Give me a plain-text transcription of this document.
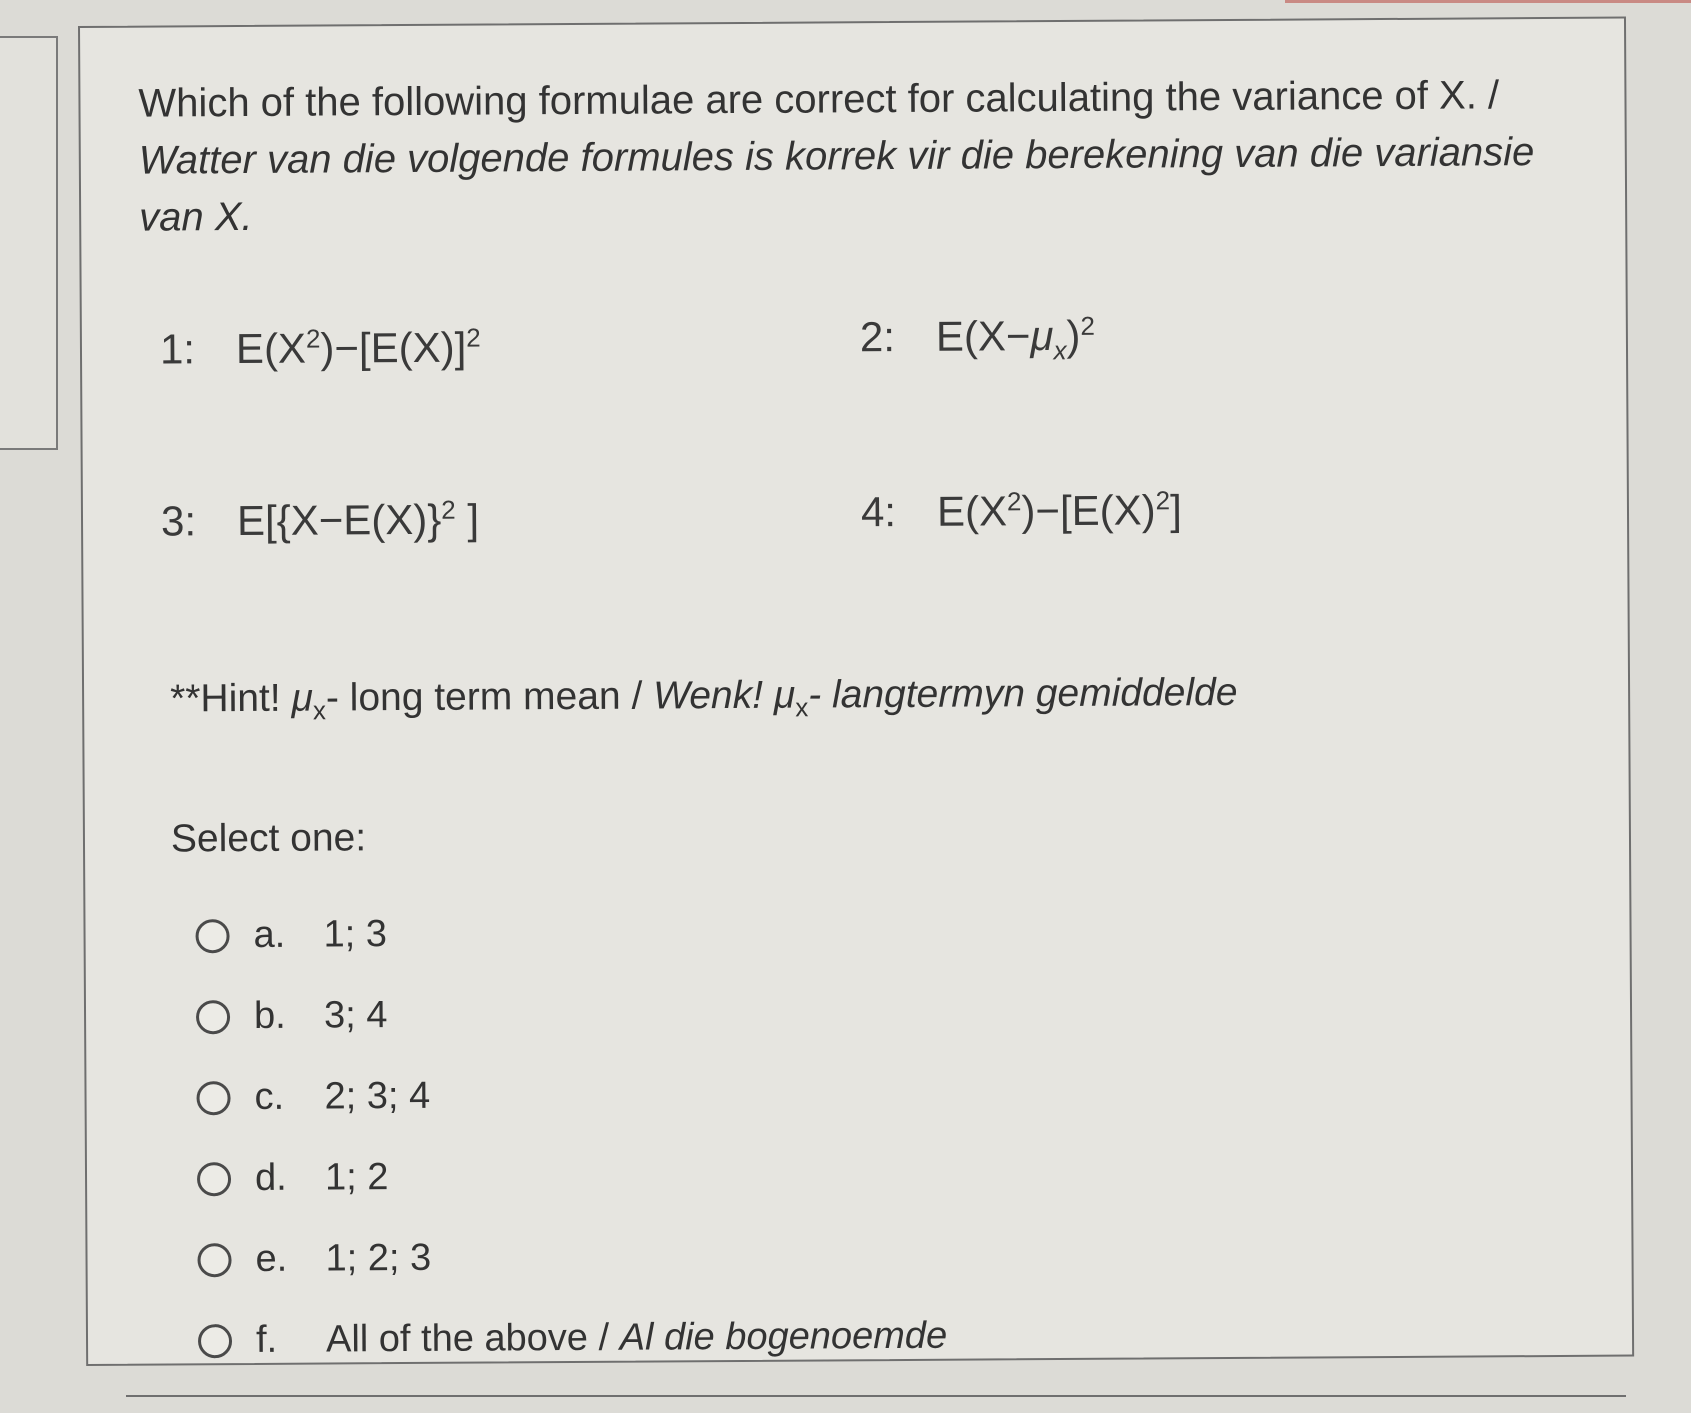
Which of the following formulae are correct for calculating the variance of X. / Watter van die volgende formules is korrek vir die berekening van die variansie van X.
1: $E(X^2)-[E(X)]^2$	2: $E(X-\mu_x)^2$
3: $E[\{X-E(X)\}^2$ ]	4: $E(X^2)-[E(X)^2]$
**Hint! $\mu_x-$ long term mean / Wenk! $\mu_x-$ langtermyn gemiddelde
Select one:
a.	1; 3
b.	3; 4
c.	2; 3; 4
d.	1; 2
e.	1; 2; 3
f.	All of the above / Al die bogenoemde
